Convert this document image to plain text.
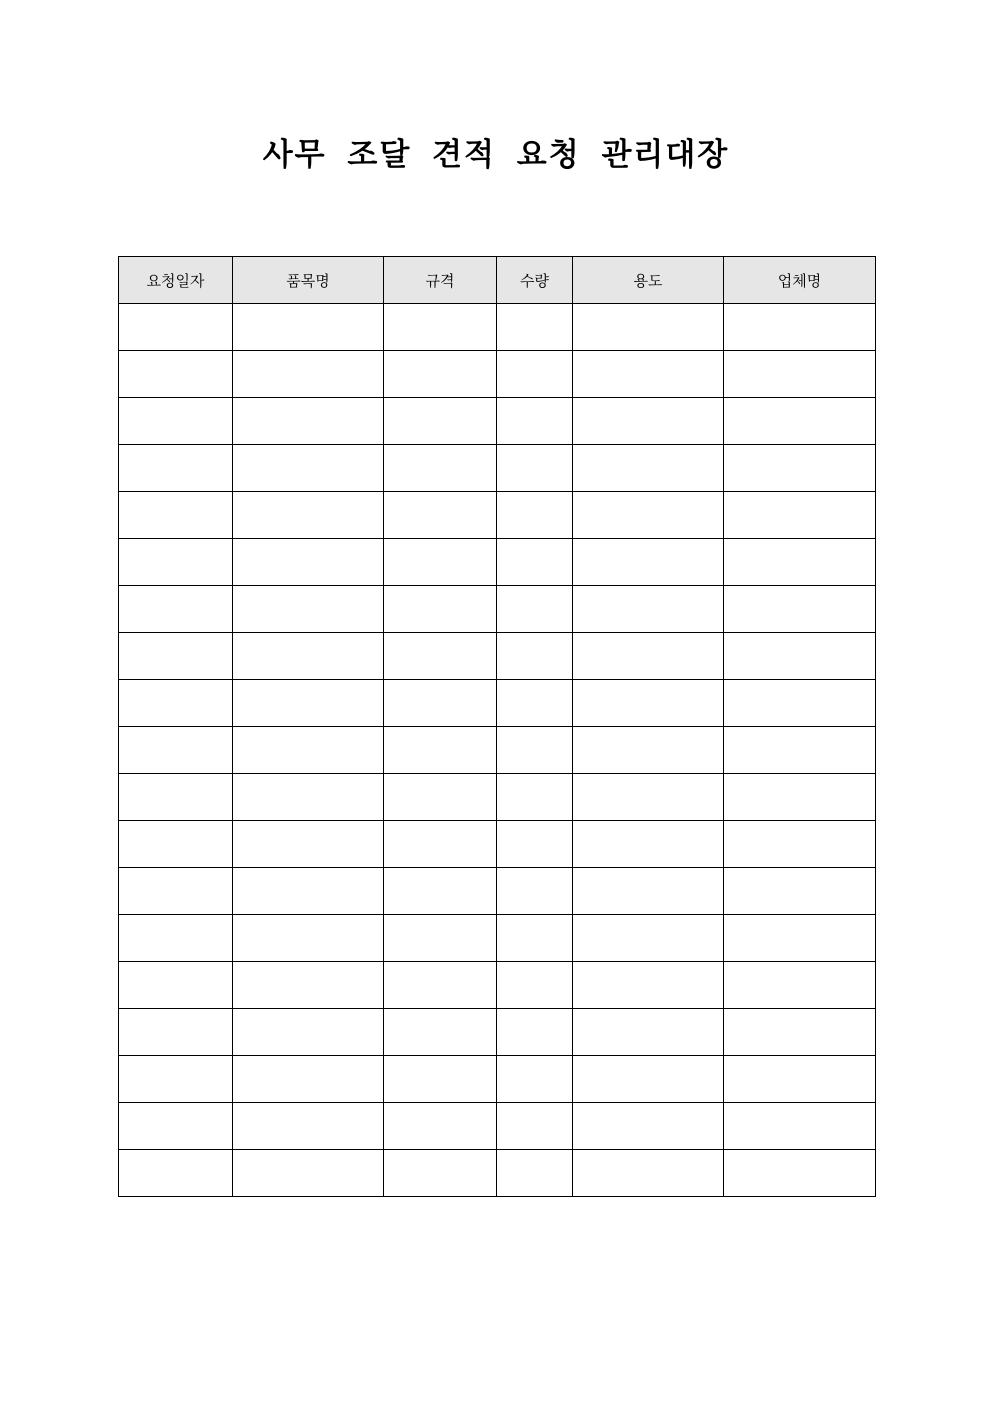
사무 조달 견적 요청 관리대장
요청일자	품목명	규격	수량	용도	업체명
